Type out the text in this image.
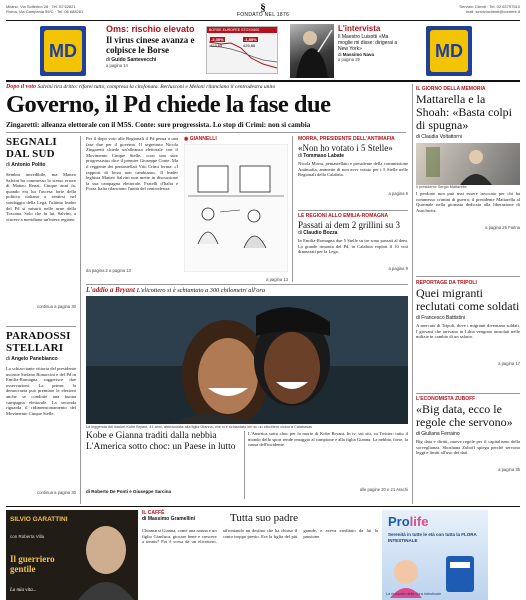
Milano, Via Solferino 28 · Tel. 02 62821
Roma, Via Campania 59/C · Tel. 06 688281	§
FONDATO NEL 1876
Servizio Clienti · Tel. 02 63797510
mail: servizioclienti@corriere.it
MD
Oms: rischio elevato
Il virus cinese avanza e colpisce le Borse
di Guido Santevecchi
a pagina 14
BORSE EUROPEE STOXX600
-2,30%
423,65
-1,85%
425,86
L'intervista
Il Maestro Luisotti «Ma moglie mi disse: dirigerai a New York»
di Massimo Nava
a pagina 29	MD
Dopo il voto Salvini tira dritto: rifarei tutto, compresa la citofonata. Berlusconi e Meloni rilanciano il centrodestra unito
Governo, il Pd chiede la fase due
Zingaretti: alleanza elettorale con il M5S. Conte: sure progressista. Lo stop di Crimi: non si cambia
SEGNALI DAL SUD
di Antonio Polito
Sembra incredibile, ma Matteo Salvini ha commesso lo stesso errore di Matteo Renzi. Cinque anni fa, quando era lui l'ascesa forte della politica italiana a sentirsi nel sondaggio della Lega, l'ultimo leader del Pd si misurò nelle urne della Toscana. Solo che fu lui, Salvini, a vincere a meridione un'intera regione.
continua a pagina 30
PARADOSSI STELLARI
di Angelo Panebianco
La schiacciante vittoria del presidente uscente Stefano Bonaccini e del Pd in Emilia-Romagna suggerisce due osservazioni. La prima: la democrazia può premiare le elezioni anche se condotte una buona campagna elettorale. La seconda riguarda il ridimensionamento del Movimento Cinque Stelle.
continua a pagina 30
Per il dopo voto alle Regionali il Pd pensa a una fase due per il governo. Il segretario Nicola Zingaretti chiede un'alleanza elettorale con il Movimento Cinque Stelle, «con una sure progressista» dice il premier Giuseppe Conte. Ma il reggente dei pentastellati Vito Crimi ferma: «I rapporti di forza non cambiano». Il leader leghista Matteo Salvini non mette in discussione la sua campagna elettorale. Fratelli d'Italia e Forza Italia rilanciano l'unità del centrodestra.
da pagina 2 a pagina 13
◉ GIANNELLI
a pagina 13
MORRA, PRESIDENTE DELL'ANTIMAFIA
«Non ho votato i 5 Stelle»
di Tommaso Labate
Nicola Morra, pentastellato e presidente della commissione Antimafia, ammette di non aver votato per i 5 Stelle nelle Regionali della Calabria.
a pagina 6
LE REGIONI ALLO EMILIA-ROMAGNA
Passati ai dem 2 grillini su 3
di Claudio Bozza
In Emilia-Romagna due 5 Stelle su tre sono passati al dem. La grande rimonta del Pd, in Calabria explott il 10 voti dimezzati per la Lega.
a pagina 9
L'addio a Bryant L'elicottero si è schiantato a 300 chilometri all'ora
La leggenda del basket Kobe Bryant, 41 anni, abbracciata alla figlia Gianna, che si è schiantato ieri su un elicottero vicino a Calabasas
Kobe e Gianna traditi dalla nebbia L'America sotto choc: un Paese in lutto
di Roberto De Ponti e Giuseppe Sarcina
L'America sotto choc per la morte di Kobe Bryant. In tv, sui siti, su Twitter: tutto il mondo dello sport rende omaggio al campione e alla figlia Gianna. La nebbia, forse, la causa dell'incidente.
alle pagine 20 e 21 Arachi
IL GIORNO DELLA MEMORIA
Mattarella e la Shoah: «Basta colpi di spugna»
di Claudia Voltattorni
Il presidente Sergio Mattarella
I perdono non può mai essere invocato per chi ha commesso crimini di guerra; il presidente Mattarella al Quirinale nella giornata dedicata alla liberazione di Auschwitz.
a pagina 25 Farina
REPORTAGE DA TRIPOLI
Quei migranti reclutati come soldati
di Francesco Battistini
A mercato di Tripoli, dove i migranti diventano soldati. I giovani che arrivano in Libia vengono arruolati nelle milizie in cambio di un salario.
a pagina 17
L'ECONOMISTA ZUBOFF
«Big data, ecco le regole che servono»
di Giuliana Ferraino
Big data e diritti, nuove regole per il capitalismo della sorveglianza. Shoshana Zuboff spiega perché servono leggi e limiti all'uso dei dati.
a pagina 35
SILVIO GARATTINI
con Roberta Villa
Il guerriero gentile
La mia vita...
IL CAFFÈ
di Massimo Gramellini	Tutta suo padre
Chiamarsi Gianna, come una nonna e un figlio Gianluca, giocare bene e crescere a tennis? Poi è scesa da un elicottero, affrontando un destino che ha chiuso il conto troppo presto. Era la figlia del più grande, e aveva ereditato da lui la passione.
Prolife
Serenità in tutte le età con tutta la FLORA INTESTINALE
La rinascita della flora intestinale
